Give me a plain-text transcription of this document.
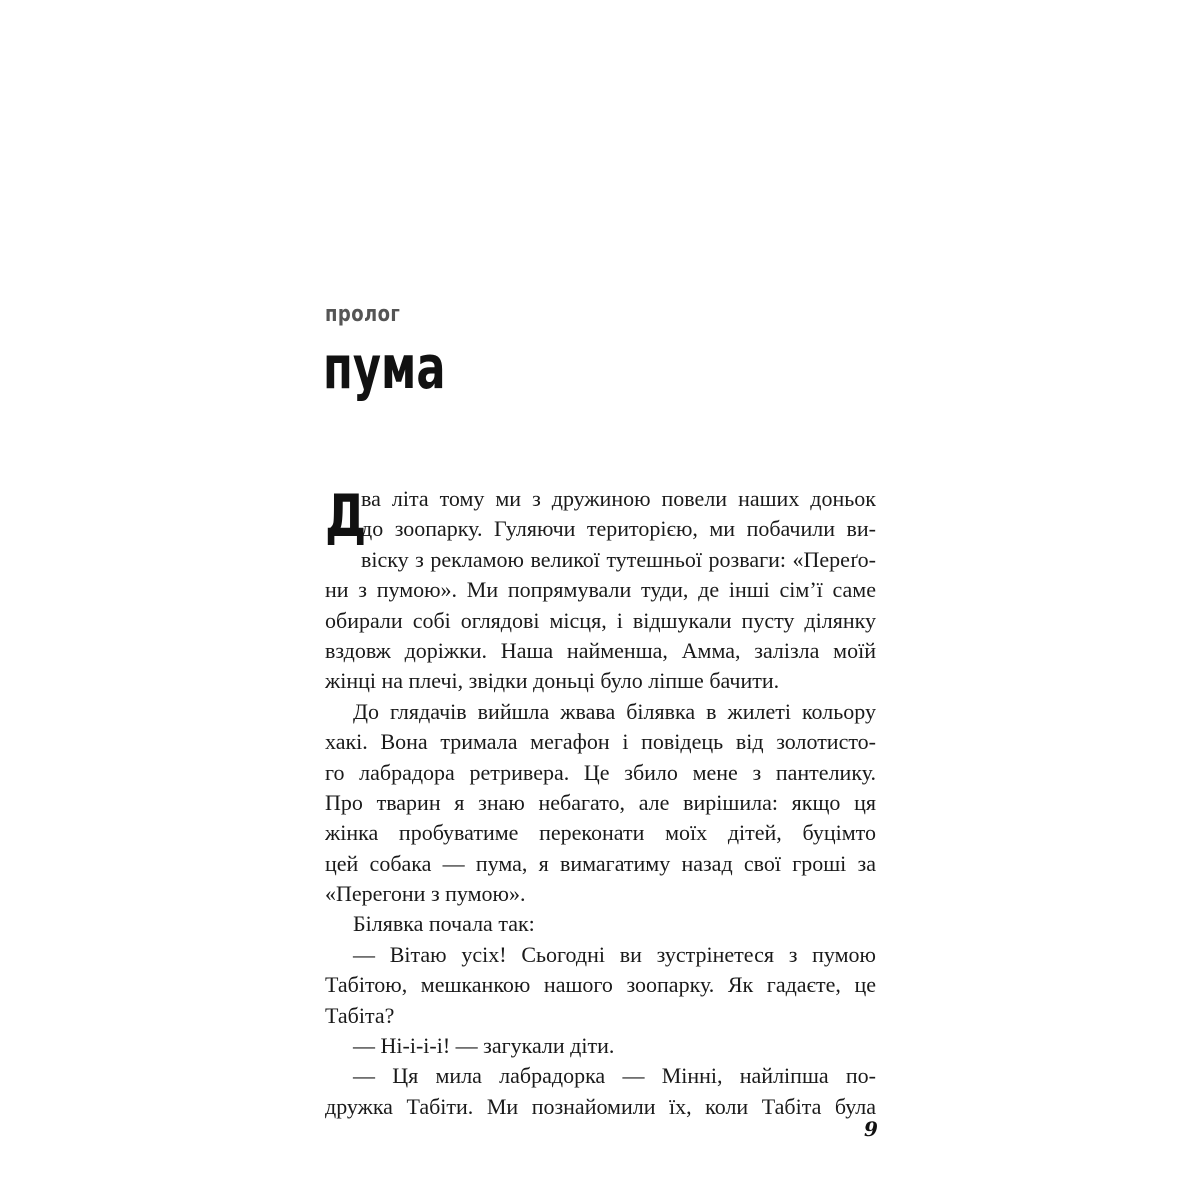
пролог
пума
Д
ва літа тому ми з дружиною повели наших доньок
до зоопарку. Гуляючи територією, ми побачили ви-
віску з рекламою великої тутешньої розваги: «Переґо-
ни з пумою». Ми попрямували туди, де інші сім’ї саме
обирали собі оглядові місця, і відшукали пусту ділянку
вздовж доріжки. Наша найменша, Амма, залізла моїй
жінці на плечі, звідки доньці було ліпше бачити.
До глядачів вийшла жвава білявка в жилеті кольору
хакі. Вона тримала мегафон і повідець від золотисто-
го лабрадора ретривера. Це збило мене з пантелику.
Про тварин я знаю небагато, але вирішила: якщо ця
жінка пробуватиме переконати моїх дітей, буцімто
цей собака — пума, я вимагатиму назад свої гроші за
«Перегони з пумою».
Білявка почала так:
— Вітаю усіх! Сьогодні ви зустрінетеся з пумою
Табітою, мешканкою нашого зоопарку. Як гадаєте, це
Табіта?
— Ні-і-і-і! — загукали діти.
— Ця мила лабрадорка — Мінні, найліпша по-
дружка Табіти. Ми познайомили їх, коли Табіта була
9
